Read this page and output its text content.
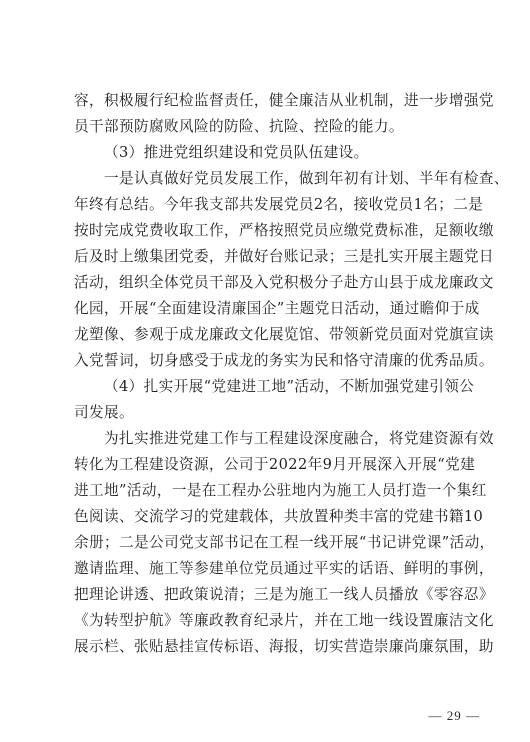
容，积极履行纪检监督责任，健全廉洁从业机制，进一步增强党
员干部预防腐败风险的防险、抗险、控险的能力。
（3）推进党组织建设和党员队伍建设。
一是认真做好党员发展工作，做到年初有计划、半年有检查、
年终有总结。今年我支部共发展党员2名，接收党员1名；二是
按时完成党费收取工作，严格按照党员应缴党费标准，足额收缴
后及时上缴集团党委，并做好台账记录；三是扎实开展主题党日
活动，组织全体党员干部及入党积极分子赴方山县于成龙廉政文
化园，开展“全面建设清廉国企”主题党日活动，通过瞻仰于成
龙塑像、参观于成龙廉政文化展览馆、带领新党员面对党旗宣读
入党誓词，切身感受于成龙的务实为民和恪守清廉的优秀品质。
（4）扎实开展“党建进工地”活动，不断加强党建引领公
司发展。
为扎实推进党建工作与工程建设深度融合，将党建资源有效
转化为工程建设资源，公司于2022年9月开展深入开展“党建
进工地”活动，一是在工程办公驻地内为施工人员打造一个集红
色阅读、交流学习的党建载体，共放置种类丰富的党建书籍10
余册；二是公司党支部书记在工程一线开展“书记讲党课”活动，
邀请监理、施工等参建单位党员通过平实的话语、鲜明的事例，
把理论讲透、把政策说清；三是为施工一线人员播放《零容忍》
《为转型护航》等廉政教育纪录片，并在工地一线设置廉洁文化
展示栏、张贴悬挂宣传标语、海报，切实营造崇廉尚廉氛围，助
— 29 —
